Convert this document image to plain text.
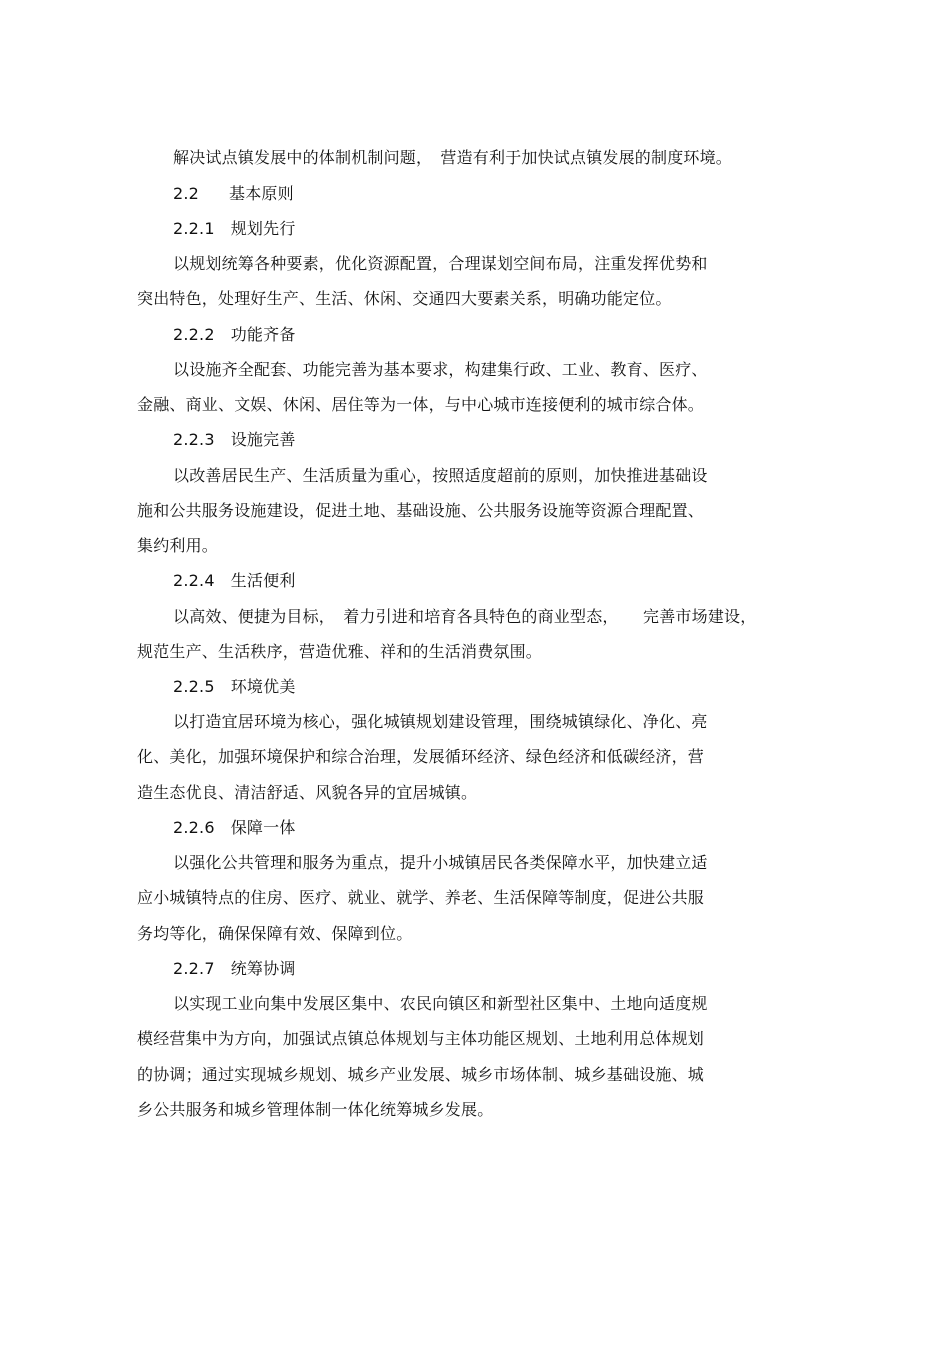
解决试点镇发展中的体制机制问题，　营造有利于加快试点镇发展的制度环境。
2.2 基本原则
2.2.1 规划先行
以规划统筹各种要素，优化资源配置，合理谋划空间布局，注重发挥优势和
突出特色，处理好生产、生活、休闲、交通四大要素关系，明确功能定位。
2.2.2 功能齐备
以设施齐全配套、功能完善为基本要求，构建集行政、工业、教育、医疗、
金融、商业、文娱、休闲、居住等为一体，与中心城市连接便利的城市综合体。
2.2.3 设施完善
以改善居民生产、生活质量为重心，按照适度超前的原则，加快推进基础设
施和公共服务设施建设，促进土地、基础设施、公共服务设施等资源合理配置、
集约利用。
2.2.4 生活便利
以高效、便捷为目标，　着力引进和培育各具特色的商业型态，　　完善市场建设，
规范生产、生活秩序，营造优雅、祥和的生活消费氛围。
2.2.5 环境优美
以打造宜居环境为核心，强化城镇规划建设管理，围绕城镇绿化、净化、亮
化、美化，加强环境保护和综合治理，发展循环经济、绿色经济和低碳经济，营
造生态优良、清洁舒适、风貌各异的宜居城镇。
2.2.6 保障一体
以强化公共管理和服务为重点，提升小城镇居民各类保障水平，加快建立适
应小城镇特点的住房、医疗、就业、就学、养老、生活保障等制度，促进公共服
务均等化，确保保障有效、保障到位。
2.2.7 统筹协调
以实现工业向集中发展区集中、农民向镇区和新型社区集中、土地向适度规
模经营集中为方向，加强试点镇总体规划与主体功能区规划、土地利用总体规划
的协调；通过实现城乡规划、城乡产业发展、城乡市场体制、城乡基础设施、城
乡公共服务和城乡管理体制一体化统筹城乡发展。
